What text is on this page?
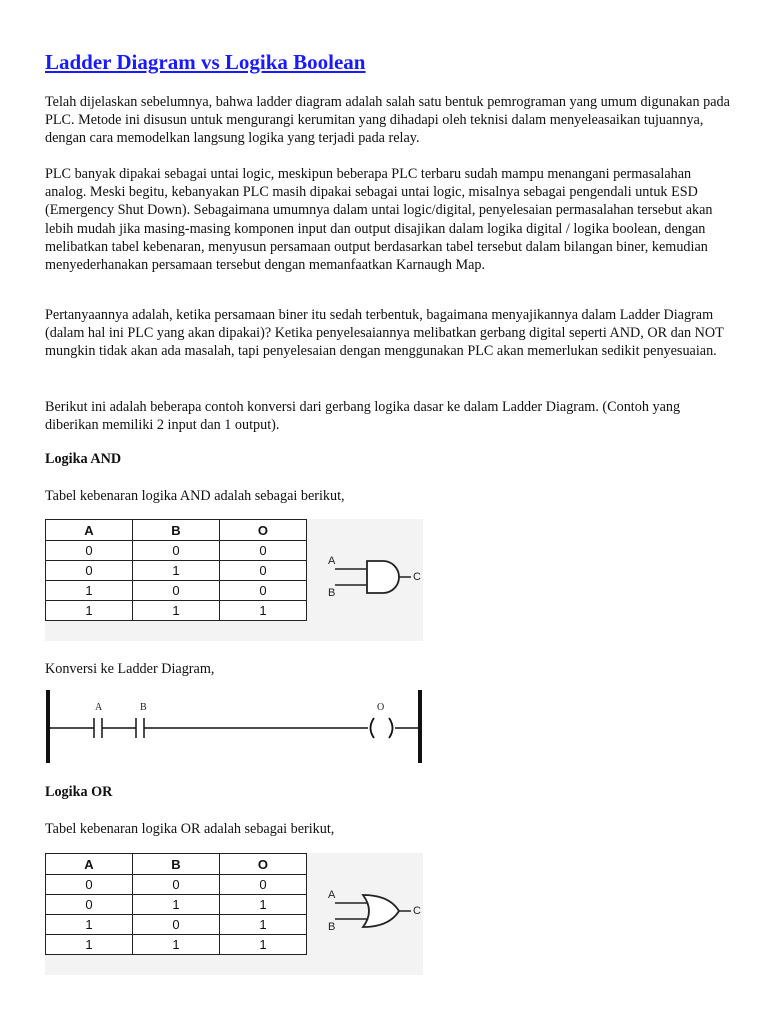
Ladder Diagram vs Logika Boolean

Telah dijelaskan sebelumnya, bahwa ladder diagram adalah salah satu bentuk pemrograman yang umum digunakan pada PLC. Metode ini disusun untuk mengurangi kerumitan yang dihadapi oleh teknisi dalam menyeleasaikan tujuannya, dengan cara memodelkan langsung logika yang terjadi pada relay.

PLC banyak dipakai sebagai untai logic, meskipun beberapa PLC terbaru sudah mampu menangani permasalahan analog. Meski begitu, kebanyakan PLC masih dipakai sebagai untai logic, misalnya sebagai pengendali untuk ESD (Emergency Shut Down). Sebagaimana umumnya dalam untai logic/digital, penyelesaian permasalahan tersebut akan lebih mudah jika masing-masing komponen input dan output disajikan dalam logika digital / logika boolean, dengan melibatkan tabel kebenaran, menyusun persamaan output berdasarkan tabel tersebut dalam bilangan biner, kemudian menyederhanakan persamaan tersebut dengan memanfaatkan Karnaugh Map.

Pertanyaannya adalah, ketika persamaan biner itu sedah terbentuk, bagaimana menyajikannya dalam Ladder Diagram (dalam hal ini PLC yang akan dipakai)? Ketika penyelesaiannya melibatkan gerbang digital seperti AND, OR dan NOT mungkin tidak akan ada masalah, tapi penyelesaian dengan menggunakan PLC akan memerlukan sedikit penyesuaian.

Berikut ini adalah beberapa contoh konversi dari gerbang logika dasar ke dalam Ladder Diagram. (Contoh yang diberikan memiliki 2 input dan 1 output).

Logika AND

Tabel kebenaran logika AND adalah sebagai berikut,

A	B	O
0	0	0
0	1	0
1	0	0
1	1	1
A
B
C

Konversi ke Ladder Diagram,

A	B	O

Logika OR

Tabel kebenaran logika OR adalah sebagai berikut,

A	B	O
0	0	0
0	1	1
1	0	1
1	1	1
A
B
C
